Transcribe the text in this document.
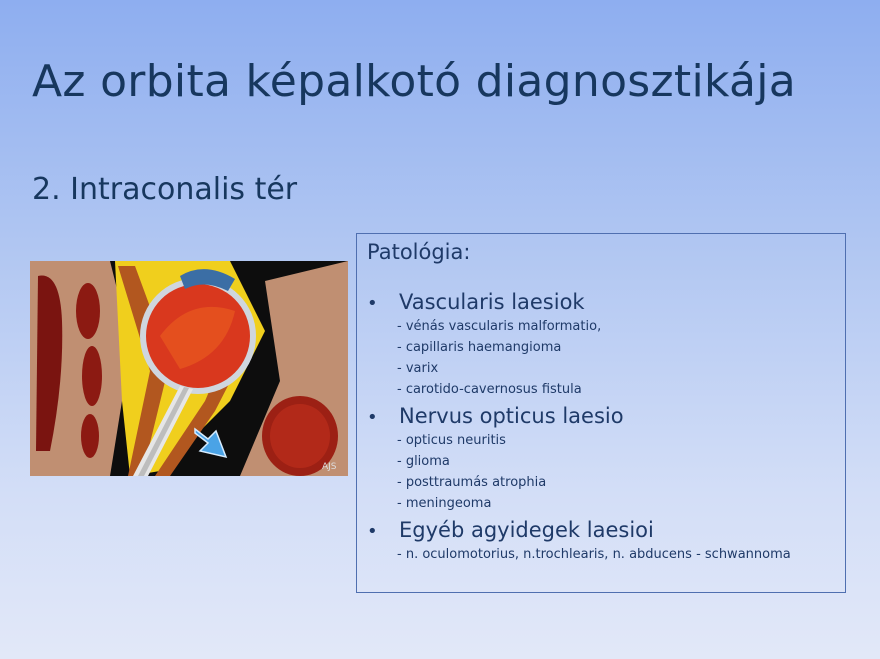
Az orbita képalkotó diagnosztikája
2. Intraconalis tér
AJS
Patológia:
•	Vascularis laesiok
- vénás vascularis malformatio,
- capillaris haemangioma
- varix
- carotido-cavernosus fistula
•	Nervus opticus laesio
- opticus neuritis
- glioma
- posttraumás atrophia
- meningeoma
•	Egyéb agyidegek laesioi
- n. oculomotorius, n.trochlearis, n. abducens - schwannoma
